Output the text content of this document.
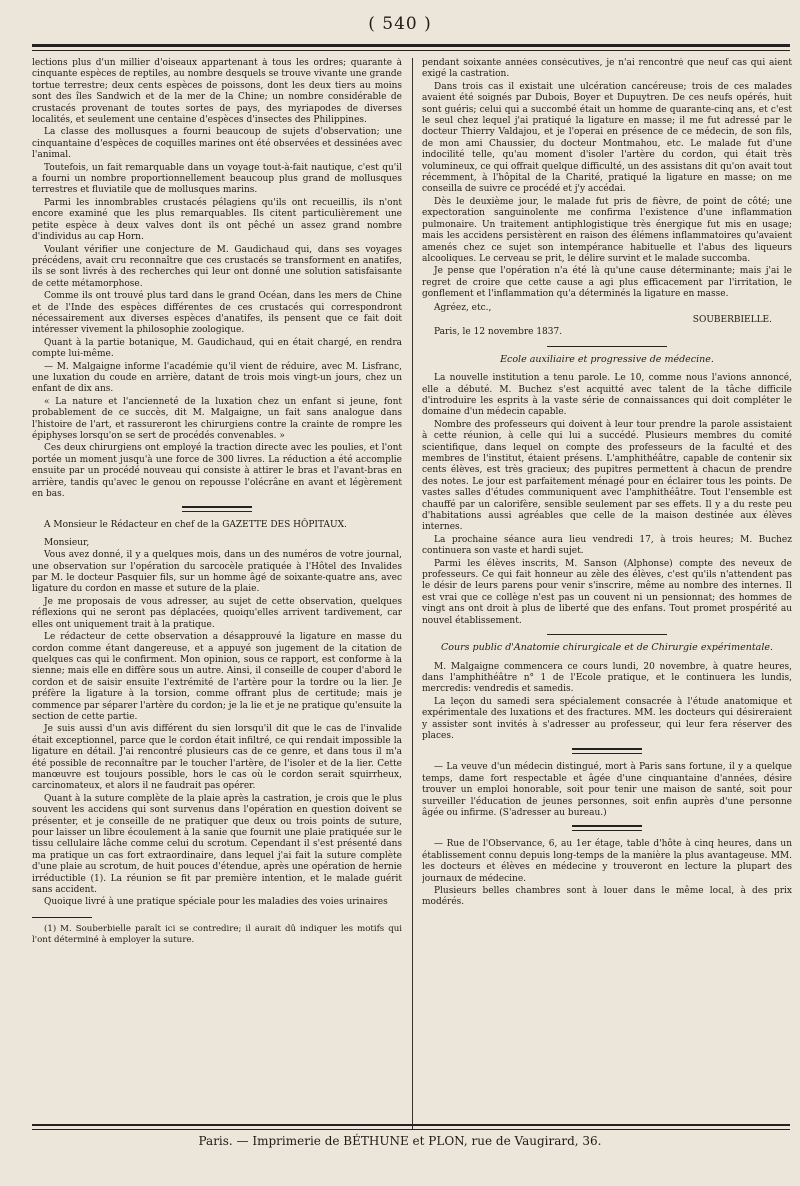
( 540 )

lections plus d'un millier d'oiseaux appartenant à tous les ordres; quarante à cinquante espèces de reptiles, au nombre desquels se trouve vivante une grande tortue terrestre; deux cents espèces de poissons, dont les deux tiers au moins sont des îles Sandwich et de la mer de la Chine; un nombre considérable de crustacés provenant de toutes sortes de pays, des myriapodes de diverses localités, et seulement une centaine d'espèces d'insectes des Philippines.

La classe des mollusques a fourni beaucoup de sujets d'observation; une cinquantaine d'espèces de coquilles marines ont été observées et dessinées avec l'animal.

Toutefois, un fait remarquable dans un voyage tout-à-fait nautique, c'est qu'il a fourni un nombre proportionnellement beaucoup plus grand de mollusques terrestres et fluviatile que de mollusques marins.

Parmi les innombrables crustacés pélagiens qu'ils ont recueillis, ils n'ont encore examiné que les plus remarquables. Ils citent particulièrement une petite espèce à deux valves dont ils ont pêché un assez grand nombre d'individus au cap Horn.

Voulant vérifier une conjecture de M. Gaudichaud qui, dans ses voyages précédens, avait cru reconnaître que ces crustacés se transforment en anatifes, ils se sont livrés à des recherches qui leur ont donné une solution satisfaisante de cette métamorphose.

Comme ils ont trouvé plus tard dans le grand Océan, dans les mers de Chine et de l'Inde des espèces différentes de ces crustacés qui correspondront nécessairement aux diverses espèces d'anatifes, ils pensent que ce fait doit intéresser vivement la philosophie zoologique.

Quant à la partie botanique, M. Gaudichaud, qui en était chargé, en rendra compte lui-même.

— M. Malgaigne informe l'académie qu'il vient de réduire, avec M. Lisfranc, une luxation du coude en arrière, datant de trois mois vingt-un jours, chez un enfant de dix ans.

« La nature et l'ancienneté de la luxation chez un enfant si jeune, font probablement de ce succès, dit M. Malgaigne, un fait sans analogue dans l'histoire de l'art, et rassureront les chirurgiens contre la crainte de rompre les épiphyses lorsqu'on se sert de procédés convenables. »

Ces deux chirurgiens ont employé la traction directe avec les poulies, et l'ont portée un moment jusqu'à une force de 300 livres. La réduction a été accomplie ensuite par un procédé nouveau qui consiste à attirer le bras et l'avant-bras en arrière, tandis qu'avec le genou on repousse l'olécrâne en avant et légèrement en bas.

A Monsieur le Rédacteur en chef de la GAZETTE DES HÔPITAUX.

Monsieur,

Vous avez donné, il y a quelques mois, dans un des numéros de votre journal, une observation sur l'opération du sarcocèle pratiquée à l'Hôtel des Invalides par M. le docteur Pasquier fils, sur un homme âgé de soixante-quatre ans, avec ligature du cordon en masse et suture de la plaie.

Je me proposais de vous adresser, au sujet de cette observation, quelques réflexions qui ne seront pas déplacées, quoiqu'elles arrivent tardivement, car elles ont uniquement trait à la pratique.

Le rédacteur de cette observation a désapprouvé la ligature en masse du cordon comme étant dangereuse, et a appuyé son jugement de la citation de quelques cas qui le confirment. Mon opinion, sous ce rapport, est conforme à la sienne; mais elle en diffère sous un autre. Ainsi, il conseille de couper d'abord le cordon et de saisir ensuite l'extrémité de l'artère pour la tordre ou la lier. Je préfère la ligature à la torsion, comme offrant plus de certitude; mais je commence par séparer l'artère du cordon; je la lie et je ne pratique qu'ensuite la section de cette partie.

Je suis aussi d'un avis différent du sien lorsqu'il dit que le cas de l'invalide était exceptionnel, parce que le cordon était infiltré, ce qui rendait impossible la ligature en détail. J'ai rencontré plusieurs cas de ce genre, et dans tous il m'a été possible de reconnaître par le toucher l'artère, de l'isoler et de la lier. Cette manœuvre est toujours possible, hors le cas où le cordon serait squirrheux, carcinomateux, et alors il ne faudrait pas opérer.

Quant à la suture complète de la plaie après la castration, je crois que le plus souvent les accidens qui sont survenus dans l'opération en question doivent se présenter, et je conseille de ne pratiquer que deux ou trois points de suture, pour laisser un libre écoulement à la sanie que fournit une plaie pratiquée sur le tissu cellulaire lâche comme celui du scrotum. Cependant il s'est présenté dans ma pratique un cas fort extraordinaire, dans lequel j'ai fait la suture complète d'une plaie au scrotum, de huit pouces d'étendue, après une opération de hernie irréductible (1). La réunion se fit par première intention, et le malade guérit sans accident.

Quoique livré à une pratique spéciale pour les maladies des voies urinaires

(1) M. Souberbielle paraît ici se contredire; il aurait dû indiquer les motifs qui l'ont déterminé à employer la suture.

pendant soixante années consécutives, je n'ai rencontré que neuf cas qui aient exigé la castration.

Dans trois cas il existait une ulcération cancéreuse; trois de ces malades avaient été soignés par Dubois, Boyer et Dupuytren. De ces neufs opérés, huit sont guéris; celui qui a succombé était un homme de quarante-cinq ans, et c'est le seul chez lequel j'ai pratiqué la ligature en masse; il me fut adressé par le docteur Thierry Valdajou, et je l'operai en présence de ce médecin, de son fils, de mon ami Chaussier, du docteur Montmahou, etc. Le malade fut d'une indocilité telle, qu'au moment d'isoler l'artère du cordon, qui était très volumineux, ce qui offrait quelque difficulté, un des assistans dit qu'on avait tout récemment, à l'hôpital de la Charité, pratiqué la ligature en masse; on me conseilla de suivre ce procédé et j'y accédai.

Dès le deuxième jour, le malade fut pris de fièvre, de point de côté; une expectoration sanguinolente me confirma l'existence d'une inflammation pulmonaire. Un traitement antiphlogistique très énergique fut mis en usage; mais les accidens persistèrent en raison des élémens inflammatoires qu'avaient amenés chez ce sujet son intempérance habituelle et l'abus des liqueurs alcooliques. Le cerveau se prit, le délire survint et le malade succomba.

Je pense que l'opération n'a été là qu'une cause déterminante; mais j'ai le regret de croire que cette cause a agi plus efficacement par l'irritation, le gonflement et l'inflammation qu'a déterminés la ligature en masse.

Agréez, etc.,

SOUBERBIELLE.

Paris, le 12 novembre 1837.

Ecole auxiliaire et progressive de médecine.

La nouvelle institution a tenu parole. Le 10, comme nous l'avions annoncé, elle a débuté. M. Buchez s'est acquitté avec talent de la tâche difficile d'introduire les esprits à la vaste série de connaissances qui doit compléter le domaine d'un médecin capable.

Nombre des professeurs qui doivent à leur tour prendre la parole assistaient à cette réunion, à celle qui lui a succédé. Plusieurs membres du comité scientifique, dans lequel on compte des professeurs de la faculté et des membres de l'institut, étaient présens. L'amphithéâtre, capable de contenir six cents élèves, est très gracieux; des pupitres permettent à chacun de prendre des notes. Le jour est parfaitement ménagé pour en éclairer tous les points. De vastes salles d'études communiquent avec l'amphithéâtre. Tout l'ensemble est chauffé par un calorifère, sensible seulement par ses effets. Il y a du reste peu d'habitations aussi agréables que celle de la maison destinée aux élèves internes.

La prochaine séance aura lieu vendredi 17, à trois heures; M. Buchez continuera son vaste et hardi sujet.

Parmi les élèves inscrits, M. Sanson (Alphonse) compte des neveux de professeurs. Ce qui fait honneur au zèle des élèves, c'est qu'ils n'attendent pas le désir de leurs parens pour venir s'inscrire, même au nombre des internes. Il est vrai que ce collège n'est pas un couvent ni un pensionnat; des hommes de vingt ans ont droit à plus de liberté que des enfans. Tout promet prospérité au nouvel établissement.

Cours public d'Anatomie chirurgicale et de Chirurgie expérimentale.

M. Malgaigne commencera ce cours lundi, 20 novembre, à quatre heures, dans l'amphithéâtre n° 1 de l'Ecole pratique, et le continuera les lundis, mercredis: vendredis et samedis.

La leçon du samedi sera spécialement consacrée à l'étude anatomique et expérimentale des luxations et des fractures. MM. les docteurs qui désireraient y assister sont invités à s'adresser au professeur, qui leur fera réserver des places.

— La veuve d'un médecin distingué, mort à Paris sans fortune, il y a quelque temps, dame fort respectable et âgée d'une cinquantaine d'années, désire trouver un emploi honorable, soit pour tenir une maison de santé, soit pour surveiller l'éducation de jeunes personnes, soit enfin auprès d'une personne âgée ou infirme. (S'adresser au bureau.)

— Rue de l'Observance, 6, au 1er étage, table d'hôte à cinq heures, dans un établissement connu depuis long-temps de la manière la plus avantageuse. MM. les docteurs et élèves en médecine y trouveront en lecture la plupart des journaux de médecine.

Plusieurs belles chambres sont à louer dans le même local, à des prix modérés.

Paris. — Imprimerie de BÉTHUNE et PLON, rue de Vaugirard, 36.
